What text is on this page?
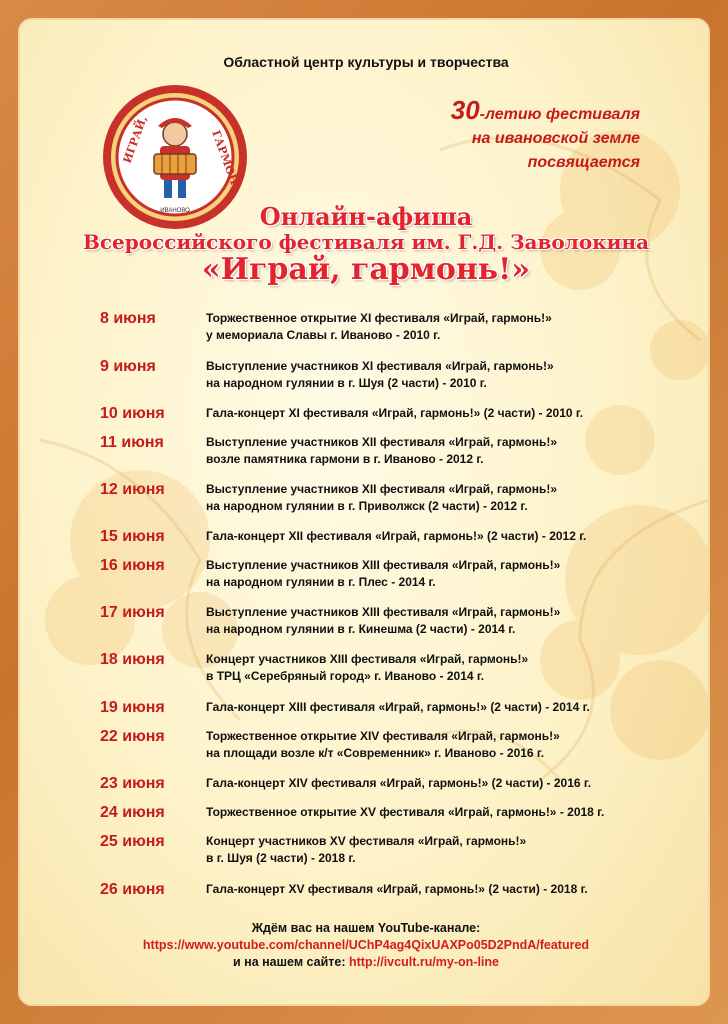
Областной центр культуры и творчества
ИГРАЙ,	ГАРМОНЬ
ИВАНОВО
30-летию фестиваля
на ивановской земле
посвящается
Онлайн-афиша
Всероссийского фестиваля им. Г.Д. Заволокина
«Играй, гармонь!»
8 июня	Торжественное открытие XI фестиваля «Играй, гармонь!»
у мемориала Славы г. Иваново - 2010 г.
9 июня	Выступление участников XI фестиваля «Играй, гармонь!»
на народном гулянии в г. Шуя (2 части) - 2010 г.
10 июня	Гала-концерт XI фестиваля «Играй, гармонь!» (2 части) - 2010 г.
11 июня	Выступление участников XII фестиваля «Играй, гармонь!»
возле памятника гармони в г. Иваново - 2012 г.
12 июня	Выступление участников XII фестиваля «Играй, гармонь!»
на народном гулянии в г. Приволжск (2 части) - 2012 г.
15 июня	Гала-концерт XII фестиваля «Играй, гармонь!» (2 части) - 2012 г.
16 июня	Выступление участников XIII фестиваля «Играй, гармонь!»
на народном гулянии в г. Плес - 2014 г.
17 июня	Выступление участников XIII фестиваля «Играй, гармонь!»
на народном гулянии в г. Кинешма (2 части) - 2014 г.
18 июня	Концерт участников XIII фестиваля «Играй, гармонь!»
в ТРЦ «Серебряный город» г. Иваново - 2014 г.
19 июня	Гала-концерт XIII фестиваля «Играй, гармонь!» (2 части) - 2014 г.
22 июня	Торжественное открытие XIV фестиваля «Играй, гармонь!»
на площади возле к/т «Современник» г. Иваново - 2016 г.
23 июня	Гала-концерт XIV фестиваля «Играй, гармонь!» (2 части) - 2016 г.
24 июня	Торжественное открытие XV фестиваля «Играй, гармонь!» - 2018 г.
25 июня	Концерт участников XV фестиваля «Играй, гармонь!»
в г. Шуя (2 части) - 2018 г.
26 июня	Гала-концерт XV фестиваля «Играй, гармонь!» (2 части) - 2018 г.
Ждём вас на нашем YouTube-канале:
https://www.youtube.com/channel/UChP4ag4QixUAXPo05D2PndA/featured
и на нашем сайте: http://ivcult.ru/my-on-line
